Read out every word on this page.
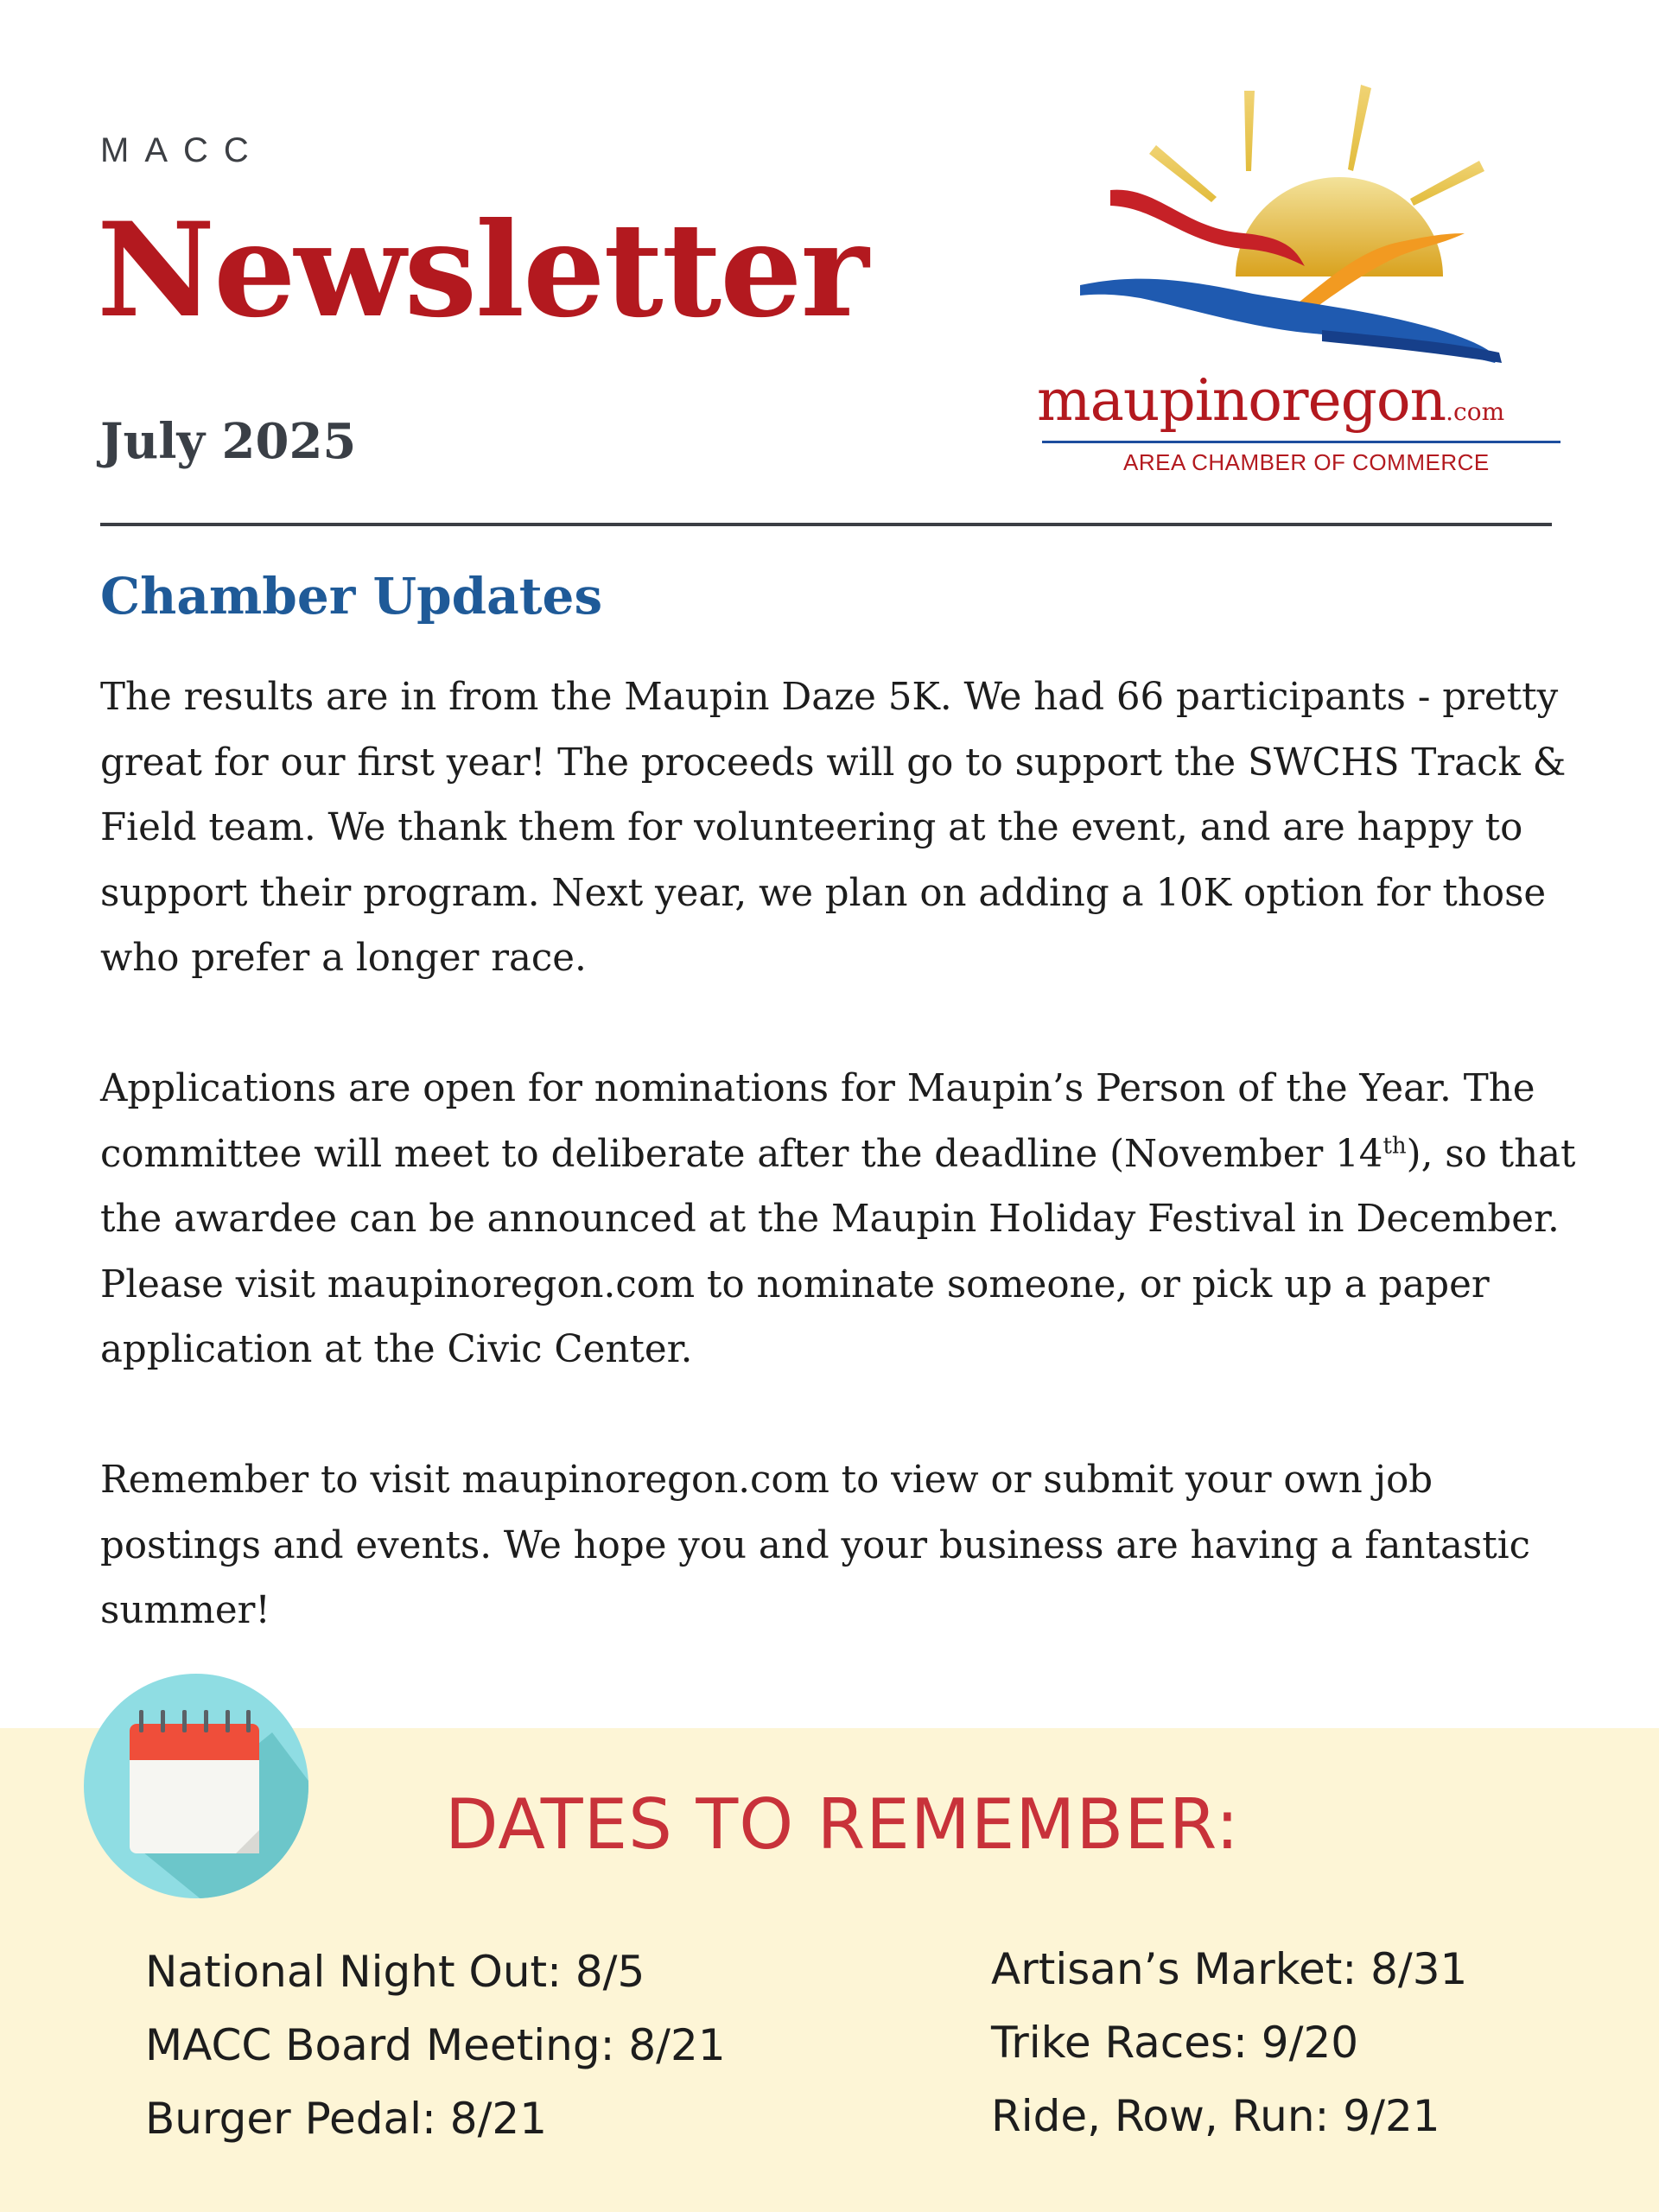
MACC
Newsletter
July 2025
maupinoregon.com
AREA CHAMBER OF COMMERCE
Chamber Updates

The results are in from the Maupin Daze 5K. We had 66 participants - pretty great for our first year! The proceeds will go to support the SWCHS Track & Field team. We thank them for volunteering at the event, and are happy to support their program. Next year, we plan on adding a 10K option for those who prefer a longer race.

Applications are open for nominations for Maupin’s Person of the Year. The committee will meet to deliberate after the deadline (November 14th), so that the awardee can be announced at the Maupin Holiday Festival in December. Please visit maupinoregon.com to nominate someone, or pick up a paper application at the Civic Center.

Remember to visit maupinoregon.com to view or submit your own job postings and events. We hope you and your business are having a fantastic summer!

DATES TO REMEMBER:
National Night Out: 8/5
MACC Board Meeting: 8/21
Burger Pedal: 8/21
Artisan’s Market: 8/31
Trike Races: 9/20
Ride, Row, Run: 9/21
